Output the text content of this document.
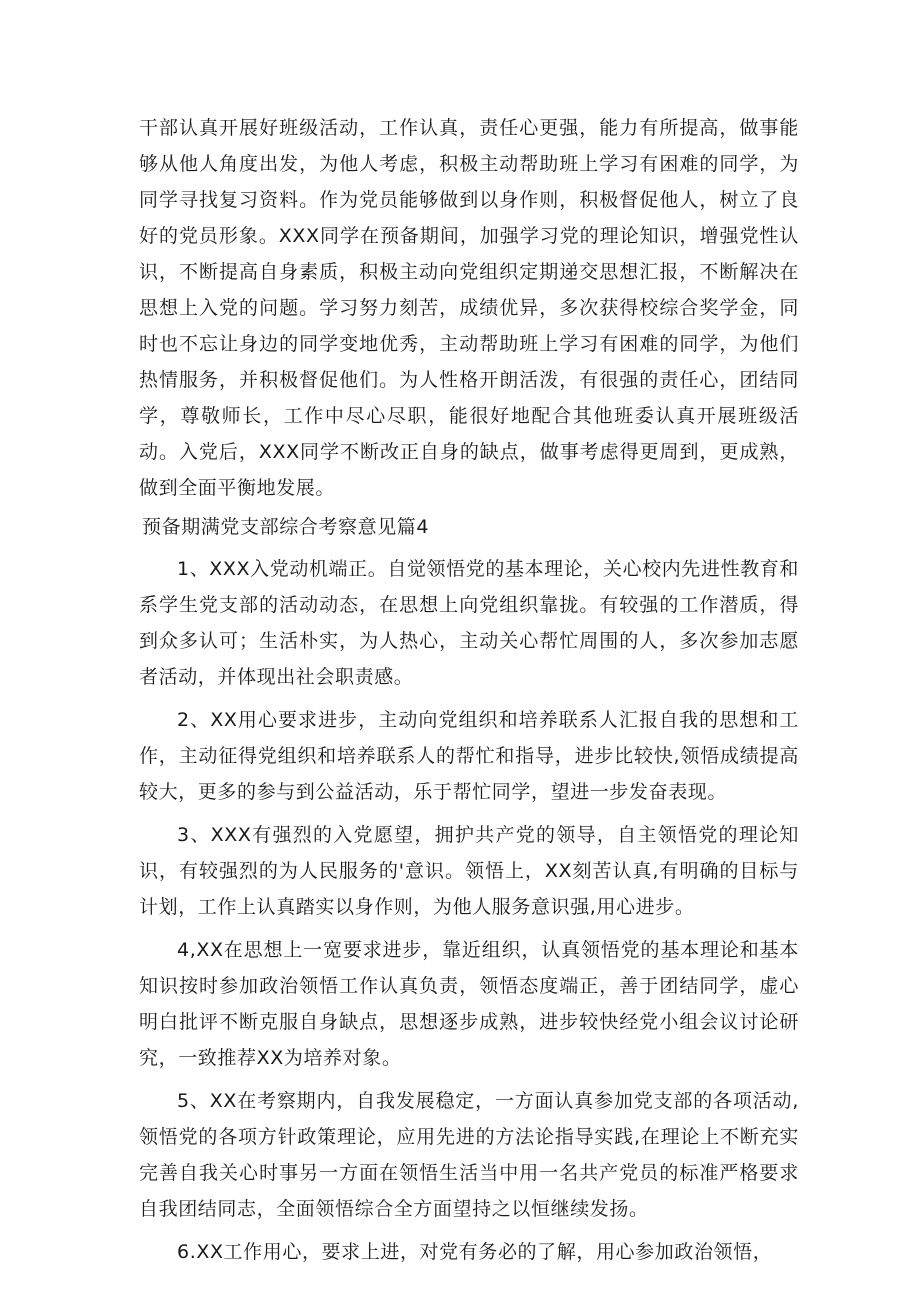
干部认真开展好班级活动，工作认真，责任心更强，能力有所提高，做事能够从他人角度出发，为他人考虑，积极主动帮助班上学习有困难的同学，为同学寻找复习资料。作为党员能够做到以身作则，积极督促他人，树立了良好的党员形象。XXX同学在预备期间，加强学习党的理论知识，增强党性认识，不断提高自身素质，积极主动向党组织定期递交思想汇报，不断解决在思想上入党的问题。学习努力刻苦，成绩优异，多次获得校综合奖学金，同时也不忘让身边的同学变地优秀，主动帮助班上学习有困难的同学，为他们热情服务，并积极督促他们。为人性格开朗活泼，有很强的责任心，团结同学，尊敬师长，工作中尽心尽职，能很好地配合其他班委认真开展班级活动。入党后，XXX同学不断改正自身的缺点，做事考虑得更周到，更成熟，做到全面平衡地发展。

预备期满党支部综合考察意见篇4

1、XXX入党动机端正。自觉领悟党的基本理论，关心校内先进性教育和系学生党支部的活动动态，在思想上向党组织靠拢。有较强的工作潜质，得到众多认可；生活朴实，为人热心，主动关心帮忙周围的人，多次参加志愿者活动，并体现出社会职责感。

2、XX用心要求进步，主动向党组织和培养联系人汇报自我的思想和工作，主动征得党组织和培养联系人的帮忙和指导，进步比较快,领悟成绩提高较大，更多的参与到公益活动，乐于帮忙同学，望进一步发奋表现。

3、XXX有强烈的入党愿望，拥护共产党的领导，自主领悟党的理论知识，有较强烈的为人民服务的'意识。领悟上，XX刻苦认真,有明确的目标与计划，工作上认真踏实以身作则，为他人服务意识强,用心进步。

4,XX在思想上一宽要求进步，靠近组织，认真领悟党的基本理论和基本知识按时参加政治领悟工作认真负责，领悟态度端正，善于团结同学，虚心明白批评不断克服自身缺点，思想逐步成熟，进步较快经党小组会议讨论研究，一致推荐XX为培养对象。

5、XX在考察期内，自我发展稳定，一方面认真参加党支部的各项活动,领悟党的各项方针政策理论，应用先进的方法论指导实践,在理论上不断充实完善自我关心时事另一方面在领悟生活当中用一名共产党员的标准严格要求自我团结同志，全面领悟综合全方面望持之以恒继续发扬。

6.XX工作用心，要求上进，对党有务必的了解，用心参加政治领悟，
